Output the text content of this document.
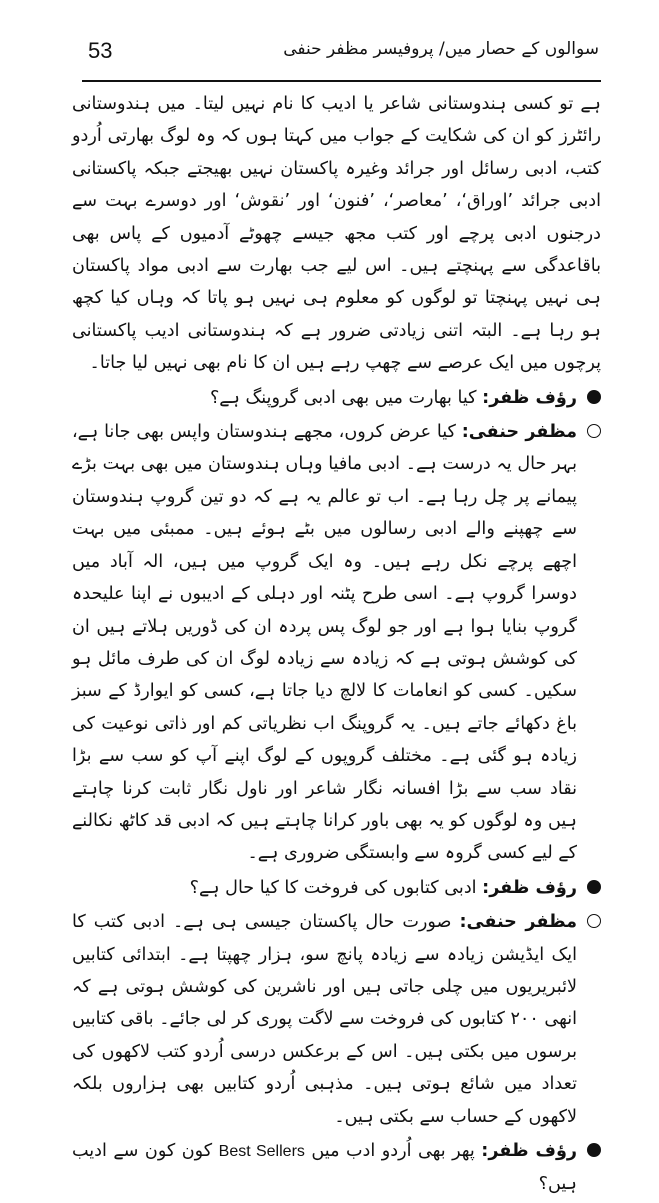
53	سوالوں کے حصار میں/ پروفیسر مظفر حنفی

ہے تو کسی ہندوستانی شاعر یا ادیب کا نام نہیں لیتا۔ میں ہندوستانی رائٹرز کو ان کی شکایت کے جواب میں کہتا ہوں کہ وہ لوگ بھارتی اُردو کتب، ادبی رسائل اور جرائد وغیرہ پاکستان نہیں بھیجتے جبکہ پاکستانی ادبی جرائد ’اوراق‘، ’معاصر‘، ’فنون‘ اور ’نقوش‘ اور دوسرے بہت سے درجنوں ادبی پرچے اور کتب مجھ جیسے چھوٹے آدمیوں کے پاس بھی باقاعدگی سے پہنچتے ہیں۔ اس لیے جب بھارت سے ادبی مواد پاکستان ہی نہیں پہنچتا تو لوگوں کو معلوم ہی نہیں ہو پاتا کہ وہاں کیا کچھ ہو رہا ہے۔ البتہ اتنی زیادتی ضرور ہے کہ ہندوستانی ادیب پاکستانی پرچوں میں ایک عرصے سے چھپ رہے ہیں ان کا نام بھی نہیں لیا جاتا۔

رؤف ظفر: کیا بھارت میں بھی ادبی گروپنگ ہے؟

مظفر حنفی: کیا عرض کروں، مجھے ہندوستان واپس بھی جانا ہے، بہر حال یہ درست ہے۔ ادبی مافیا وہاں ہندوستان میں بھی بہت بڑے پیمانے پر چل رہا ہے۔ اب تو عالم یہ ہے کہ دو تین گروپ ہندوستان سے چھپنے والے ادبی رسالوں میں بٹے ہوئے ہیں۔ ممبئی میں بہت اچھے پرچے نکل رہے ہیں۔ وہ ایک گروپ میں ہیں، الہ آباد میں دوسرا گروپ ہے۔ اسی طرح پٹنہ اور دہلی کے ادیبوں نے اپنا علیحدہ گروپ بنایا ہوا ہے اور جو لوگ پس پردہ ان کی ڈوریں ہلاتے ہیں ان کی کوشش ہوتی ہے کہ زیادہ سے زیادہ لوگ ان کی طرف مائل ہو سکیں۔ کسی کو انعامات کا لالچ دیا جاتا ہے، کسی کو ایوارڈ کے سبز باغ دکھائے جاتے ہیں۔ یہ گروپنگ اب نظریاتی کم اور ذاتی نوعیت کی زیادہ ہو گئی ہے۔ مختلف گروپوں کے لوگ اپنے آپ کو سب سے بڑا نقاد سب سے بڑا افسانہ نگار شاعر اور ناول نگار ثابت کرنا چاہتے ہیں وہ لوگوں کو یہ بھی باور کرانا چاہتے ہیں کہ ادبی قد کاٹھ نکالنے کے لیے کسی گروہ سے وابستگی ضروری ہے۔

رؤف ظفر: ادبی کتابوں کی فروخت کا کیا حال ہے؟

مظفر حنفی: صورت حال پاکستان جیسی ہی ہے۔ ادبی کتب کا ایک ایڈیشن زیادہ سے زیادہ پانچ سو، ہزار چھپتا ہے۔ ابتدائی کتابیں لائبریریوں میں چلی جاتی ہیں اور ناشرین کی کوشش ہوتی ہے کہ انھی ۲۰۰ کتابوں کی فروخت سے لاگت پوری کر لی جائے۔ باقی کتابیں برسوں میں بکتی ہیں۔ اس کے برعکس درسی اُردو کتب لاکھوں کی تعداد میں شائع ہوتی ہیں۔ مذہبی اُردو کتابیں بھی ہزاروں بلکہ لاکھوں کے حساب سے بکتی ہیں۔

رؤف ظفر: پھر بھی اُردو ادب میں Best Sellers کون کون سے ادیب ہیں؟
